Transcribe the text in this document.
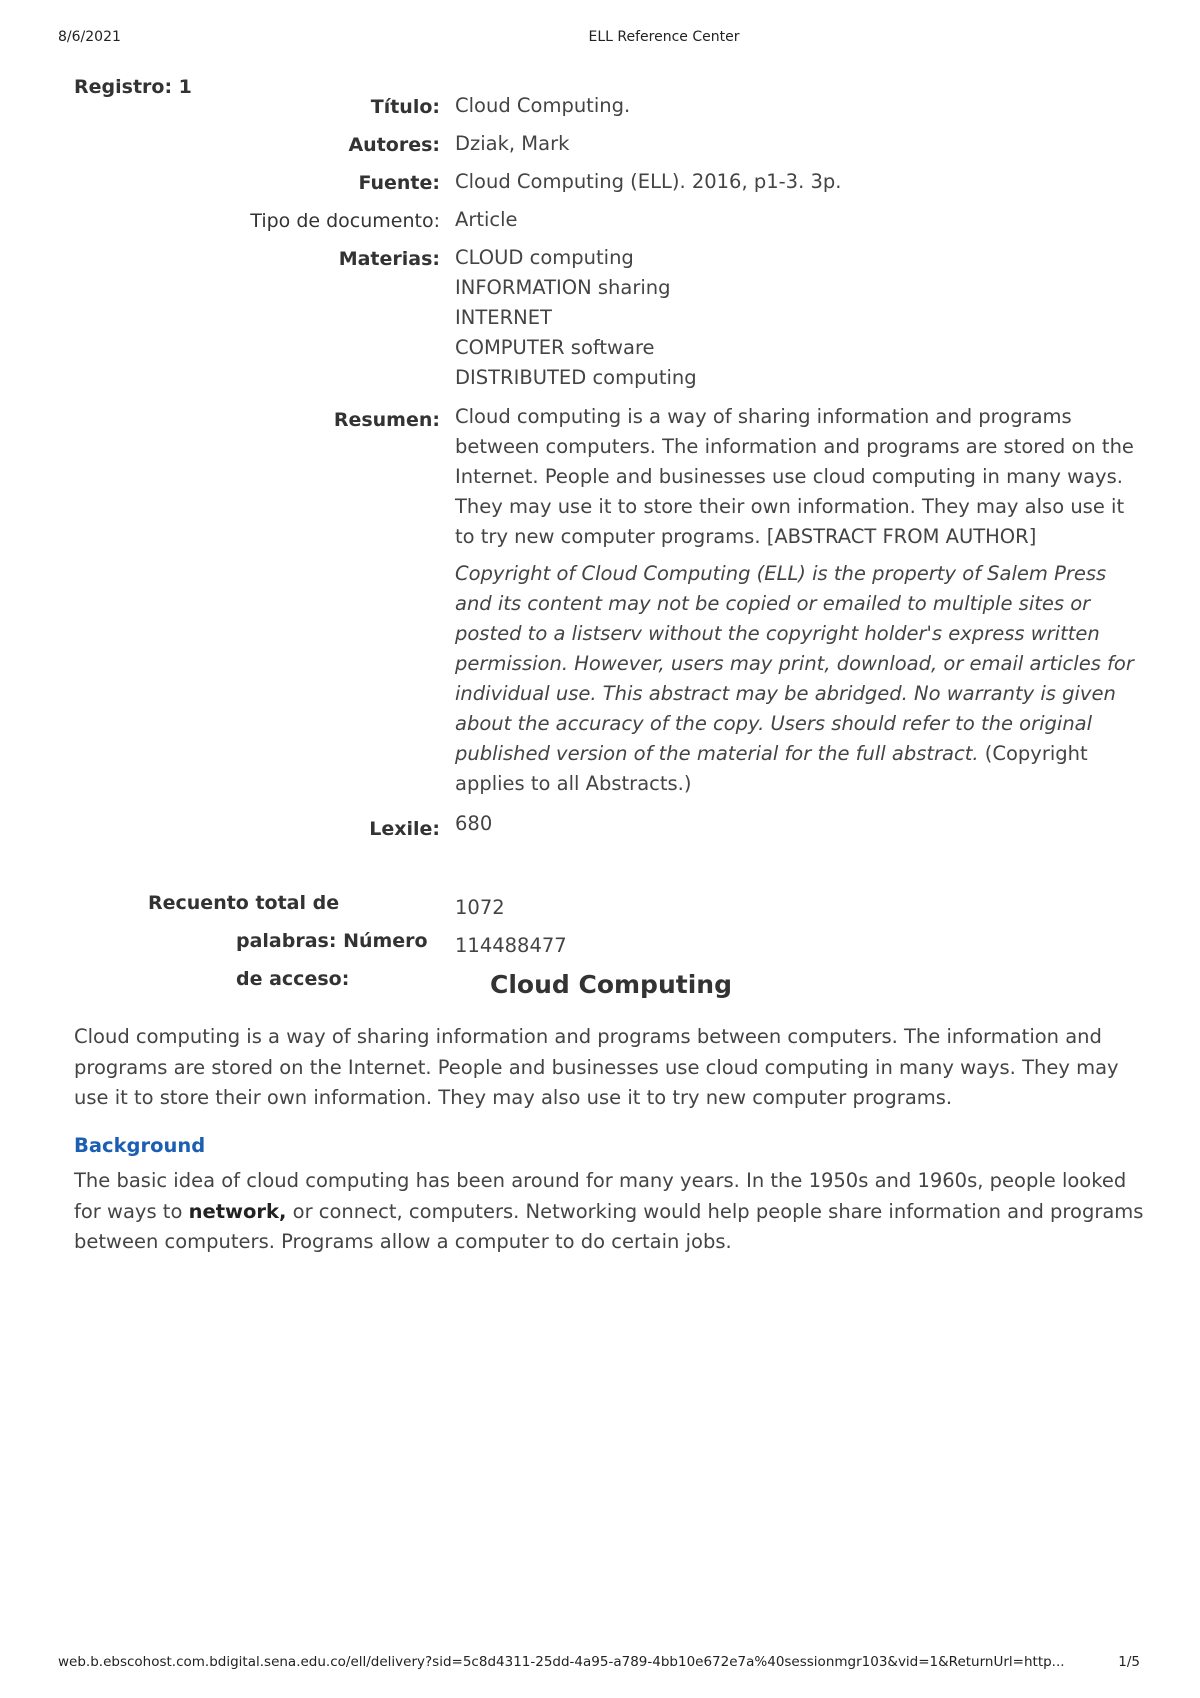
8/6/2021	ELL Reference Center
Registro: 1
Título: Cloud Computing.
Autores: Dziak, Mark
Fuente: Cloud Computing (ELL). 2016, p1-3. 3p.
Tipo de documento: Article
Materias: CLOUD computing
INFORMATION sharing
INTERNET
COMPUTER software
DISTRIBUTED computing
Resumen: Cloud computing is a way of sharing information and programs between computers. The information and programs are stored on the Internet. People and businesses use cloud computing in many ways. They may use it to store their own information. They may also use it to try new computer programs. [ABSTRACT FROM AUTHOR]
Copyright of Cloud Computing (ELL) is the property of Salem Press and its content may not be copied or emailed to multiple sites or posted to a listserv without the copyright holder's express written permission. However, users may print, download, or email articles for individual use. This abstract may be abridged. No warranty is given about the accuracy of the copy. Users should refer to the original published version of the material for the full abstract. (Copyright applies to all Abstracts.)
Lexile: 680
Recuento total de
palabras: Número
de acceso:
1072
114488477
Cloud Computing
Cloud computing is a way of sharing information and programs between computers. The information and programs are stored on the Internet. People and businesses use cloud computing in many ways. They may use it to store their own information. They may also use it to try new computer programs.
Background
The basic idea of cloud computing has been around for many years. In the 1950s and 1960s, people looked for ways to network, or connect, computers. Networking would help people share information and programs between computers. Programs allow a computer to do certain jobs.
web.b.ebscohost.com.bdigital.sena.edu.co/ell/delivery?sid=5c8d4311-25dd-4a95-a789-4bb10e672e7a%40sessionmgr103&vid=1&ReturnUrl=http...	1/5
